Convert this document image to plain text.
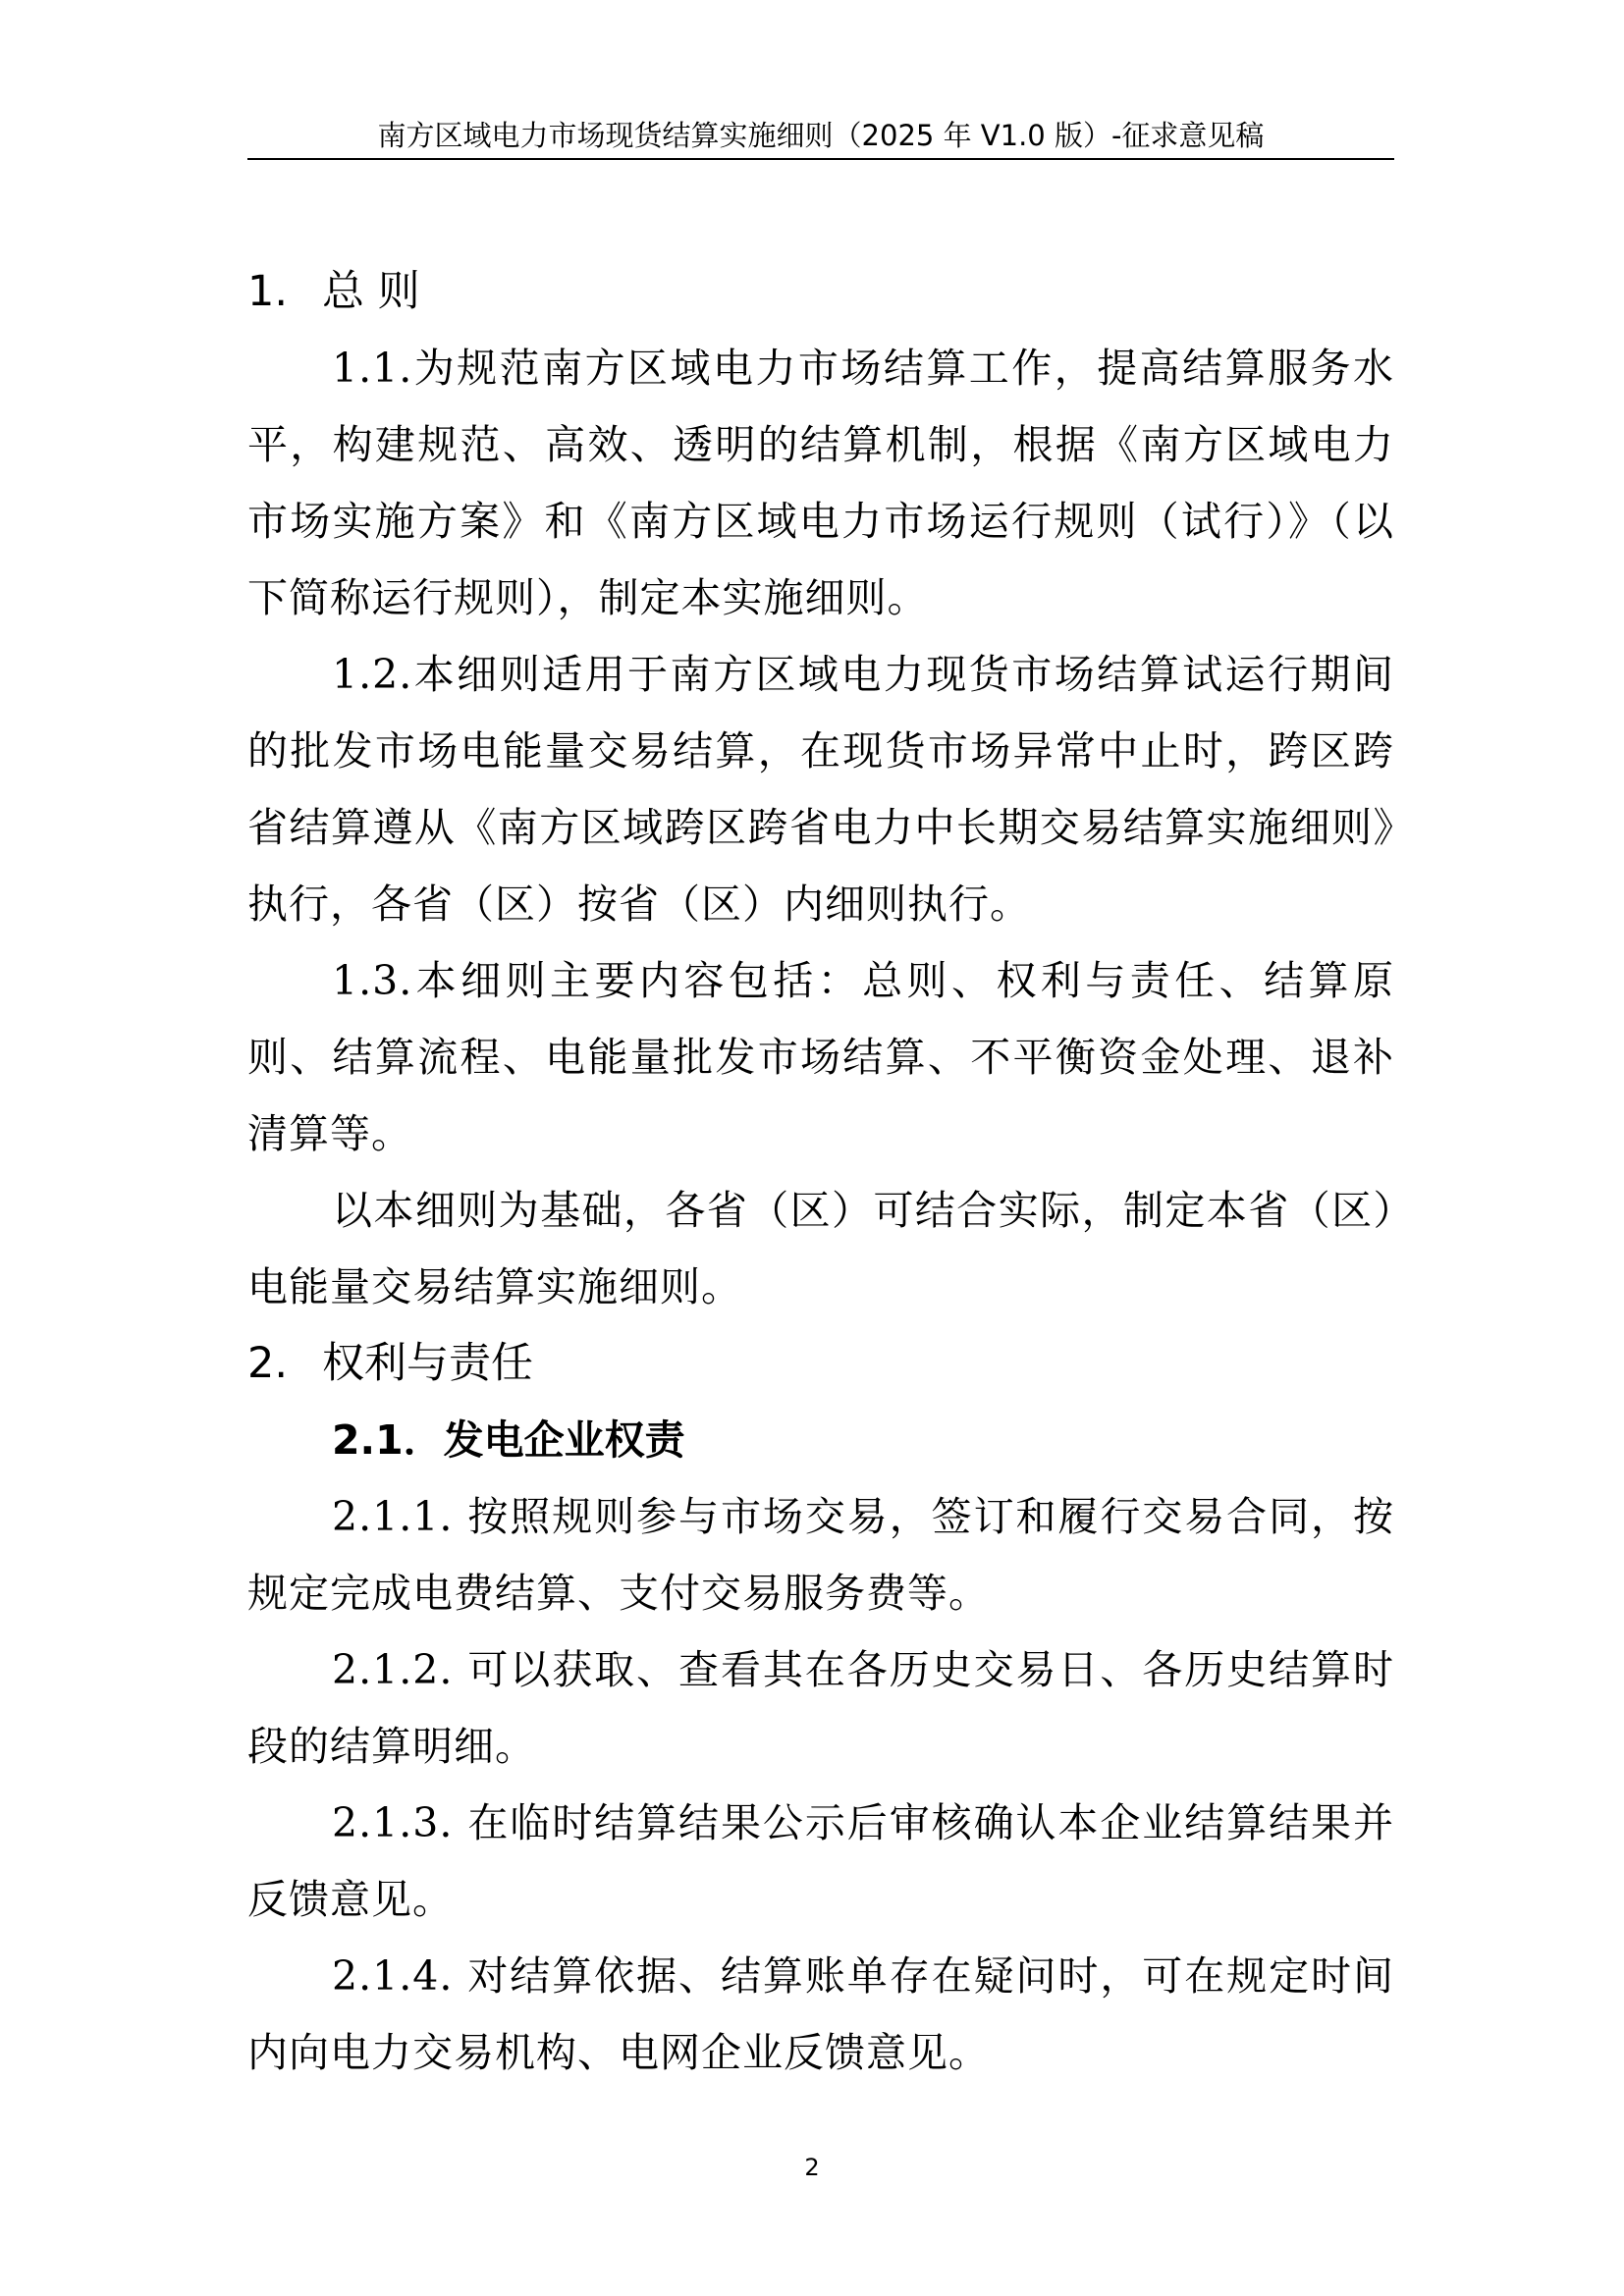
南方区域电力市场现货结算实施细则（2025 年 V1.0 版）-征求意见稿
1. 总 则
1.1.为规范南方区域电力市场结算工作，提高结算服务水平，构建规范、高效、透明的结算机制，根据《南方区域电力市场实施方案》和《南方区域电力市场运行规则（试行）》（以下简称运行规则），制定本实施细则。
1.2.本细则适用于南方区域电力现货市场结算试运行期间的批发市场电能量交易结算，在现货市场异常中止时，跨区跨省结算遵从《南方区域跨区跨省电力中长期交易结算实施细则》执行，各省（区）按省（区）内细则执行。
1.3.本细则主要内容包括：总则、权利与责任、结算原则、结算流程、电能量批发市场结算、不平衡资金处理、退补清算等。
以本细则为基础，各省（区）可结合实际，制定本省（区）电能量交易结算实施细则。
2. 权利与责任
2.1．发电企业权责
2.1.1. 按照规则参与市场交易，签订和履行交易合同，按规定完成电费结算、支付交易服务费等。
2.1.2. 可以获取、查看其在各历史交易日、各历史结算时段的结算明细。
2.1.3. 在临时结算结果公示后审核确认本企业结算结果并反馈意见。
2.1.4. 对结算依据、结算账单存在疑问时，可在规定时间内向电力交易机构、电网企业反馈意见。
2
